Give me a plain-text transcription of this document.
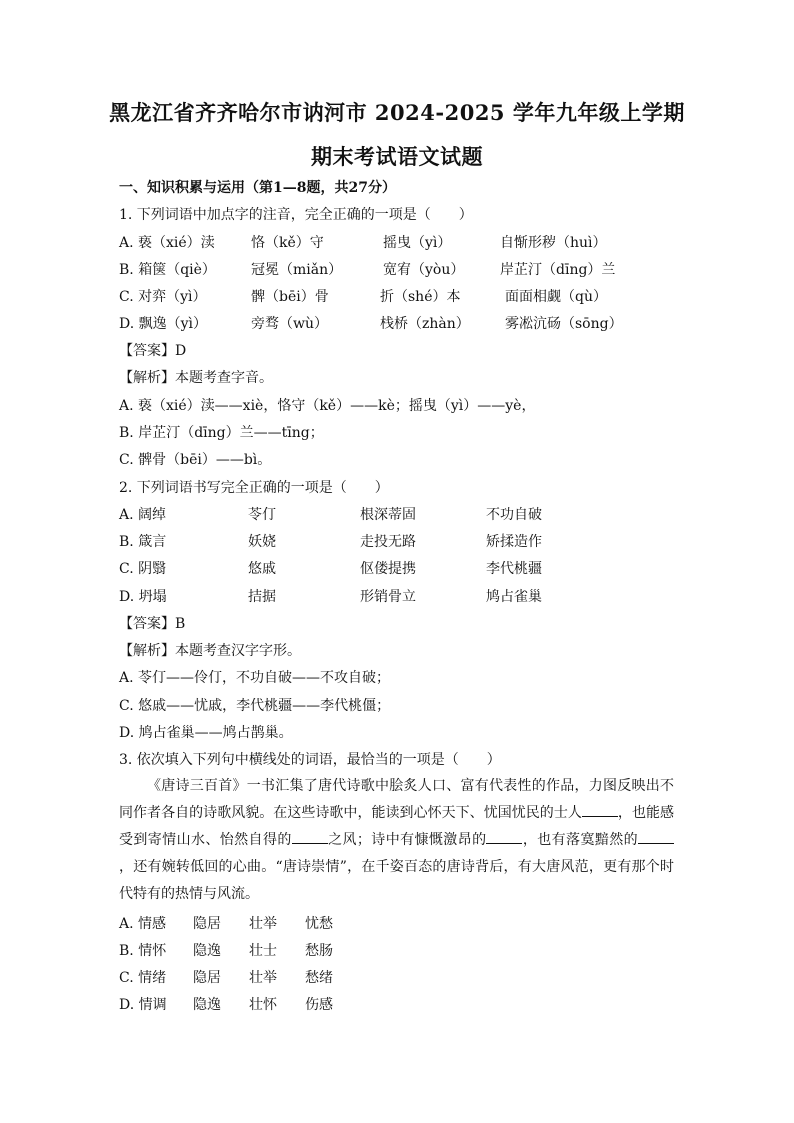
黑龙江省齐齐哈尔市讷河市 2024-2025 学年九年级上学期
期末考试语文试题
一、知识积累与运用（第1—8题，共27分）
1. 下列词语中加点字的注音，完全正确的一项是（　　）
A. 亵（xié）渎	恪（kě）守	摇曳（yì）	自惭形秽（huì）
B. 箱箧（qiè）	冠冕（miǎn）	宽宥（yòu）	岸芷汀（dīng）兰
C. 对弈（yì）	髀（bēi）骨	折（shé）本	面面相觑（qù）
D. 飘逸（yì）	旁骛（wù）	栈桥（zhàn）	雾凇沆砀（sōng）
【答案】D
【解析】本题考查字音。
A. 亵（xié）渎——xiè，恪守（kě）——kè；摇曳（yì）——yè，
B. 岸芷汀（dīng）兰——tīng；
C. 髀骨（bēi）——bì。
2. 下列词语书写完全正确的一项是（　　）
A. 阔绰	苓仃	根深蒂固	不功自破
B. 箴言	妖娆	走投无路	矫揉造作
C. 阴翳	悠戚	伛偻提携	李代桃疆
D. 坍塌	拮据	形销骨立	鸠占雀巢
【答案】B
【解析】本题考查汉字字形。
A. 苓仃——伶仃，不功自破——不攻自破；
C. 悠戚——忧戚，李代桃疆——李代桃僵；
D. 鸠占雀巢——鸠占鹊巢。
3. 依次填入下列句中横线处的词语，最恰当的一项是（　　）
《唐诗三百首》一书汇集了唐代诗歌中脍炙人口、富有代表性的作品，力图反映出不同作者各自的诗歌风貌。在这些诗歌中，能读到心怀天下、忧国忧民的士人	，也能感受到寄情山水、怡然自得的	之风；诗中有慷慨激昂的	，也有落寞黯然的，还有婉转低回的心曲。“唐诗崇情”，在千姿百态的唐诗背后，有大唐风范，更有那个时代特有的热情与风流。
A. 情感 隐居 壮举 忧愁
B. 情怀 隐逸 壮士 愁肠
C. 情绪 隐居 壮举 愁绪
D. 情调 隐逸 壮怀 伤感
